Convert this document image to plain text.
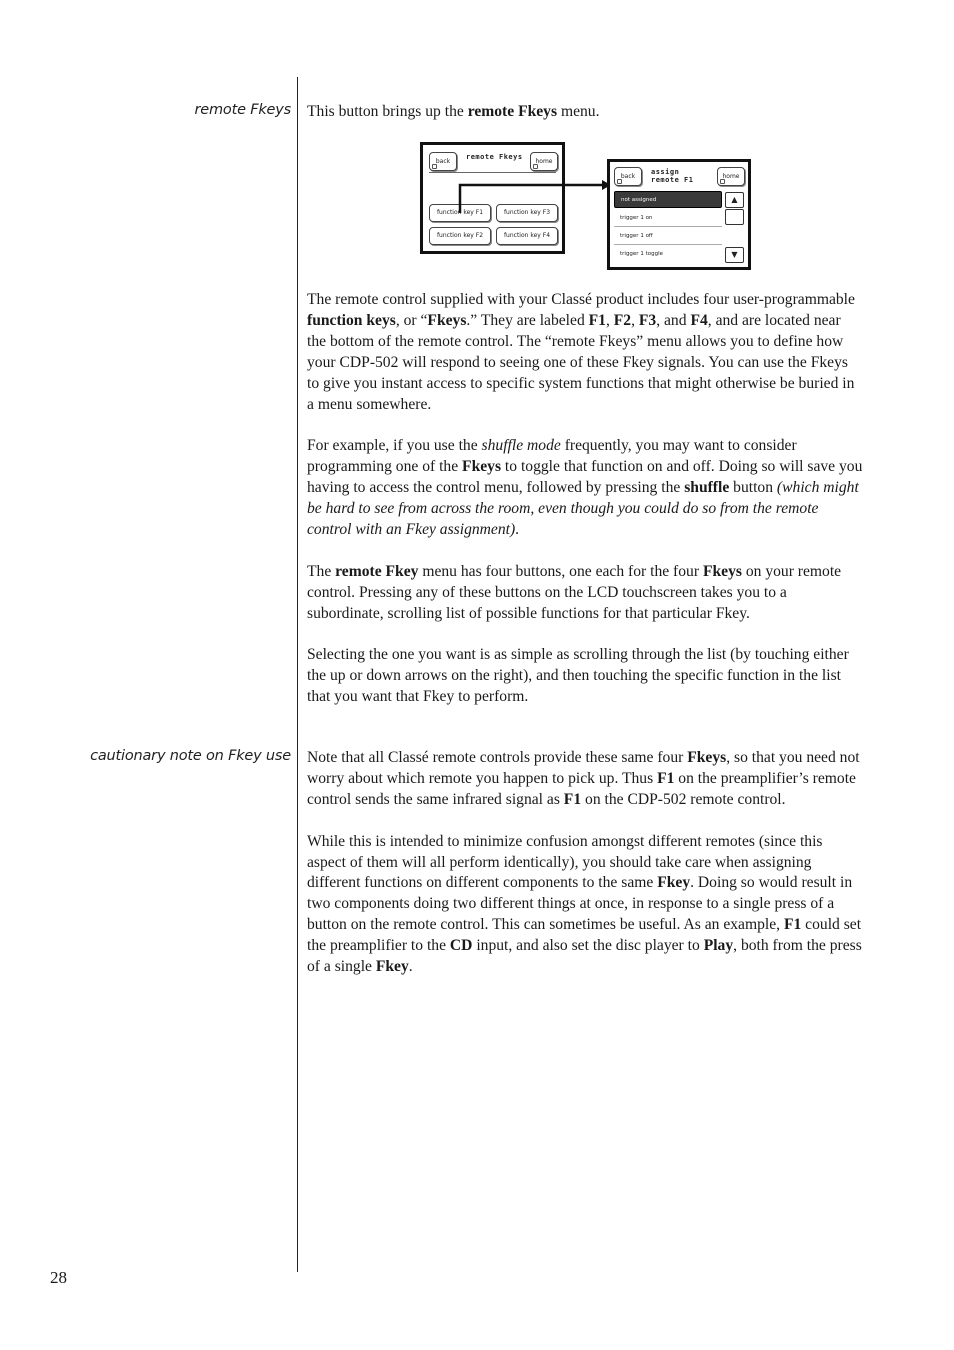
remote Fkeys
cautionary note on Fkey use

This button brings up the remote Fkeys menu.

back
remote Fkeys
home
function key F1	function key F3
function key F2	function key F4
back
assign
remote F1	home
not assigned
trigger 1 on
trigger 1 off
trigger 1 toggle
▲
▼

The remote control supplied with your Classé product includes four user-programmable function keys, or “Fkeys.” They are labeled F1, F2, F3, and F4, and are located near the bottom of the remote control. The “remote Fkeys” menu allows you to define how your CDP-502 will respond to seeing one of these Fkey signals. You can use the Fkeys to give you instant access to specific system functions that might otherwise be buried in a menu somewhere.

For example, if you use the shuffle mode frequently, you may want to consider programming one of the Fkeys to toggle that function on and off. Doing so will save you having to access the control menu, followed by pressing the shuffle button (which might be hard to see from across the room, even though you could do so from the remote control with an Fkey assignment).

The remote Fkey menu has four buttons, one each for the four Fkeys on your remote control. Pressing any of these buttons on the LCD touchscreen takes you to a subordinate, scrolling list of possible functions for that particular Fkey.

Selecting the one you want is as simple as scrolling through the list (by touching either the up or down arrows on the right), and then touching the specific function in the list that you want that Fkey to perform.

Note that all Classé remote controls provide these same four Fkeys, so that you need not worry about which remote you happen to pick up. Thus F1 on the preamplifier’s remote control sends the same infrared signal as F1 on the CDP-502 remote control.

While this is intended to minimize confusion amongst different remotes (since this aspect of them will all perform identically), you should take care when assigning different functions on different components to the same Fkey. Doing so would result in two components doing two different things at once, in response to a single press of a button on the remote control. This can sometimes be useful. As an example, F1 could set the preamplifier to the CD input, and also set the disc player to Play, both from the press of a single Fkey.

28
